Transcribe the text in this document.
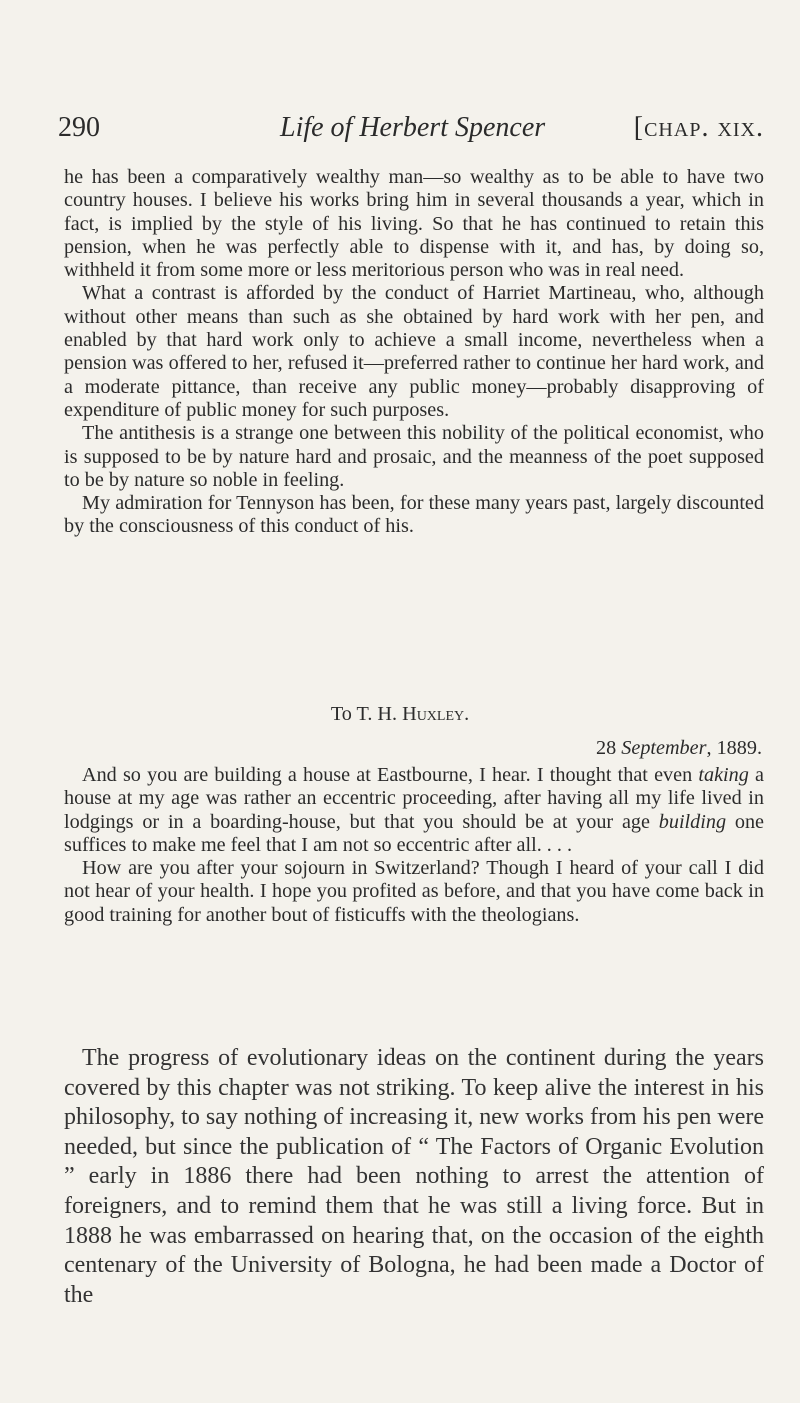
290	Life of Herbert Spencer	[chap. xix.

he has been a comparatively wealthy man—so wealthy as to be able to have two country houses. I believe his works bring him in several thousands a year, which in fact, is implied by the style of his living. So that he has continued to retain this pension, when he was perfectly able to dispense with it, and has, by doing so, withheld it from some more or less meritorious person who was in real need.

What a contrast is afforded by the conduct of Harriet Martineau, who, although without other means than such as she obtained by hard work with her pen, and enabled by that hard work only to achieve a small income, nevertheless when a pension was offered to her, refused it—preferred rather to continue her hard work, and a moderate pittance, than receive any public money—probably disapproving of expenditure of public money for such purposes.

The antithesis is a strange one between this nobility of the political economist, who is supposed to be by nature hard and prosaic, and the meanness of the poet supposed to be by nature so noble in feeling.

My admiration for Tennyson has been, for these many years past, largely discounted by the consciousness of this conduct of his.

To T. H. Huxley.
28 September, 1889.

And so you are building a house at Eastbourne, I hear. I thought that even taking a house at my age was rather an eccentric proceeding, after having all my life lived in lodgings or in a boarding-house, but that you should be at your age building one suffices to make me feel that I am not so eccentric after all. . . .

How are you after your sojourn in Switzerland? Though I heard of your call I did not hear of your health. I hope you profited as before, and that you have come back in good training for another bout of fisticuffs with the theologians.

The progress of evolutionary ideas on the continent during the years covered by this chapter was not striking. To keep alive the interest in his philosophy, to say nothing of increasing it, new works from his pen were needed, but since the publication of “ The Factors of Organic Evolution ” early in 1886 there had been nothing to arrest the attention of foreigners, and to remind them that he was still a living force. But in 1888 he was embarrassed on hearing that, on the occasion of the eighth centenary of the University of Bologna, he had been made a Doctor of the
